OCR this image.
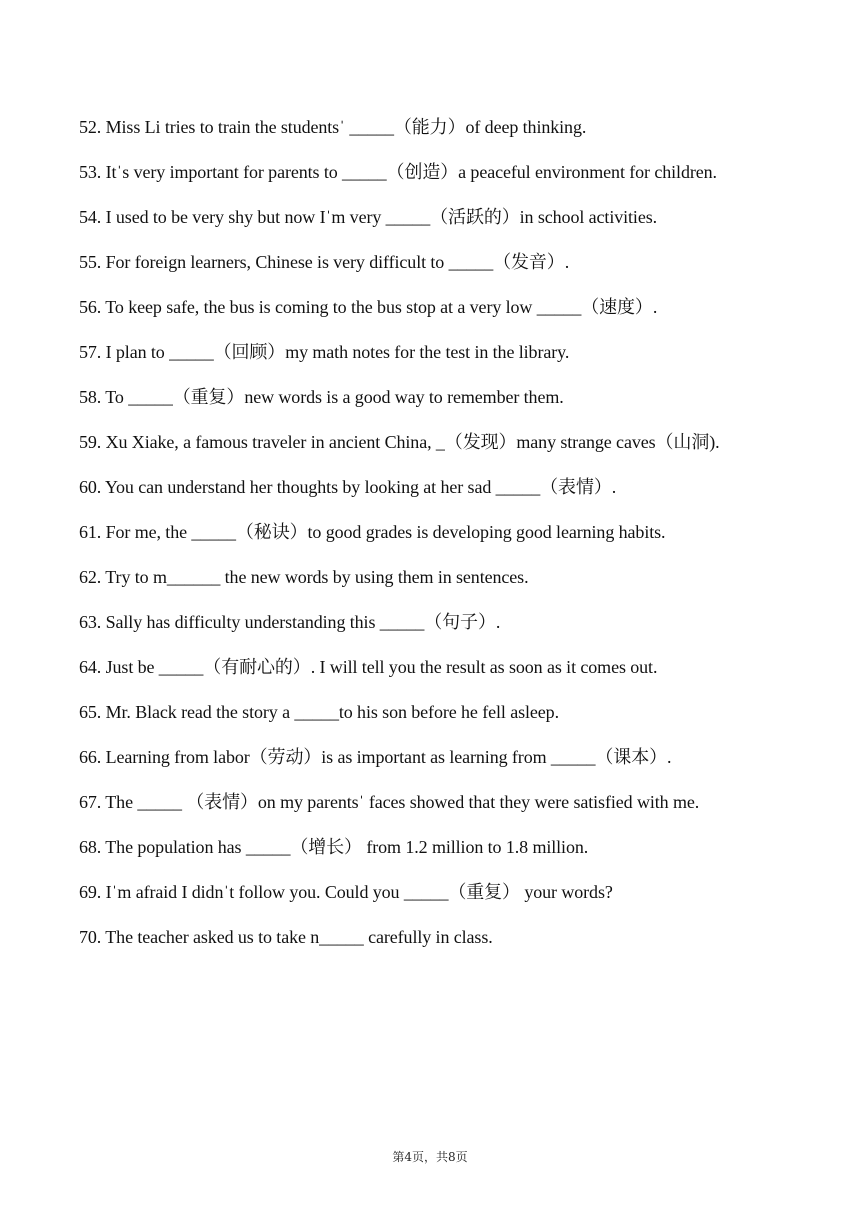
52. Miss Li tries to train the studentsˈ _____（能力）of deep thinking.
53. Itˈs very important for parents to _____（创造）a peaceful environment for children.
54. I used to be very shy but now Iˈm very _____（活跃的）in school activities.
55. For foreign learners, Chinese is very difficult to _____（发音）.
56. To keep safe, the bus is coming to the bus stop at a very low _____（速度）.
57. I plan to _____（回顾）my math notes for the test in the library.
58. To _____（重复）new words is a good way to remember them.
59. Xu Xiake, a famous traveler in ancient China, _（发现）many strange caves（山洞).
60. You can understand her thoughts by looking at her sad _____（表情）.
61. For me, the _____（秘诀）to good grades is developing good learning habits.
62. Try to m______ the new words by using them in sentences.
63. Sally has difficulty understanding this _____（句子）.
64. Just be _____（有耐心的）. I will tell you the result as soon as it comes out.
65. Mr. Black read the story a _____to his son before he fell asleep.
66. Learning from labor（劳动）is as important as learning from _____（课本）.
67. The _____ （表情）on my parentsˈ faces showed that they were satisfied with me.
68. The population has _____（增长） from 1.2 million to 1.8 million.
69. Iˈm afraid I didnˈt follow you. Could you _____（重复） your words?
70. The teacher asked us to take n_____ carefully in class.
第4页，共8页
